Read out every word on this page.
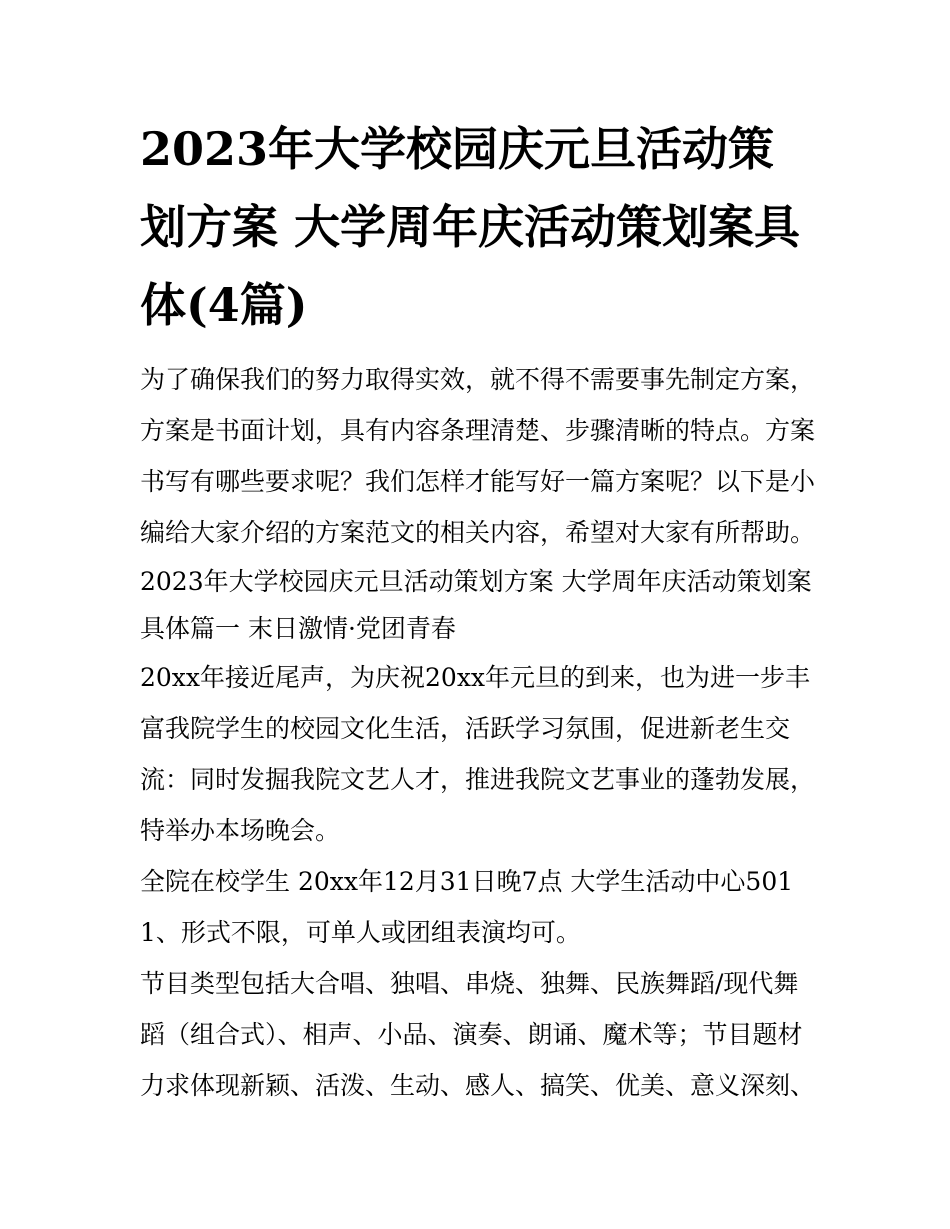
2023年大学校园庆元旦活动策划方案 大学周年庆活动策划案具体(4篇)

为了确保我们的努力取得实效，就不得不需要事先制定方案，方案是书面计划，具有内容条理清楚、步骤清晰的特点。方案书写有哪些要求呢？我们怎样才能写好一篇方案呢？以下是小编给大家介绍的方案范文的相关内容，希望对大家有所帮助。

2023年大学校园庆元旦活动策划方案 大学周年庆活动策划案具体篇一 末日激情·党团青春

20xx年接近尾声，为庆祝20xx年元旦的到来，也为进一步丰富我院学生的校园文化生活，活跃学习氛围，促进新老生交流：同时发掘我院文艺人才，推进我院文艺事业的蓬勃发展，特举办本场晚会。

全院在校学生 20xx年12月31日晚7点 大学生活动中心501

1、形式不限，可单人或团组表演均可。

节目类型包括大合唱、独唱、串烧、独舞、民族舞蹈/现代舞蹈（组合式）、相声、小品、演奏、朗诵、魔术等；节目题材力求体现新颖、活泼、生动、感人、搞笑、优美、意义深刻、
